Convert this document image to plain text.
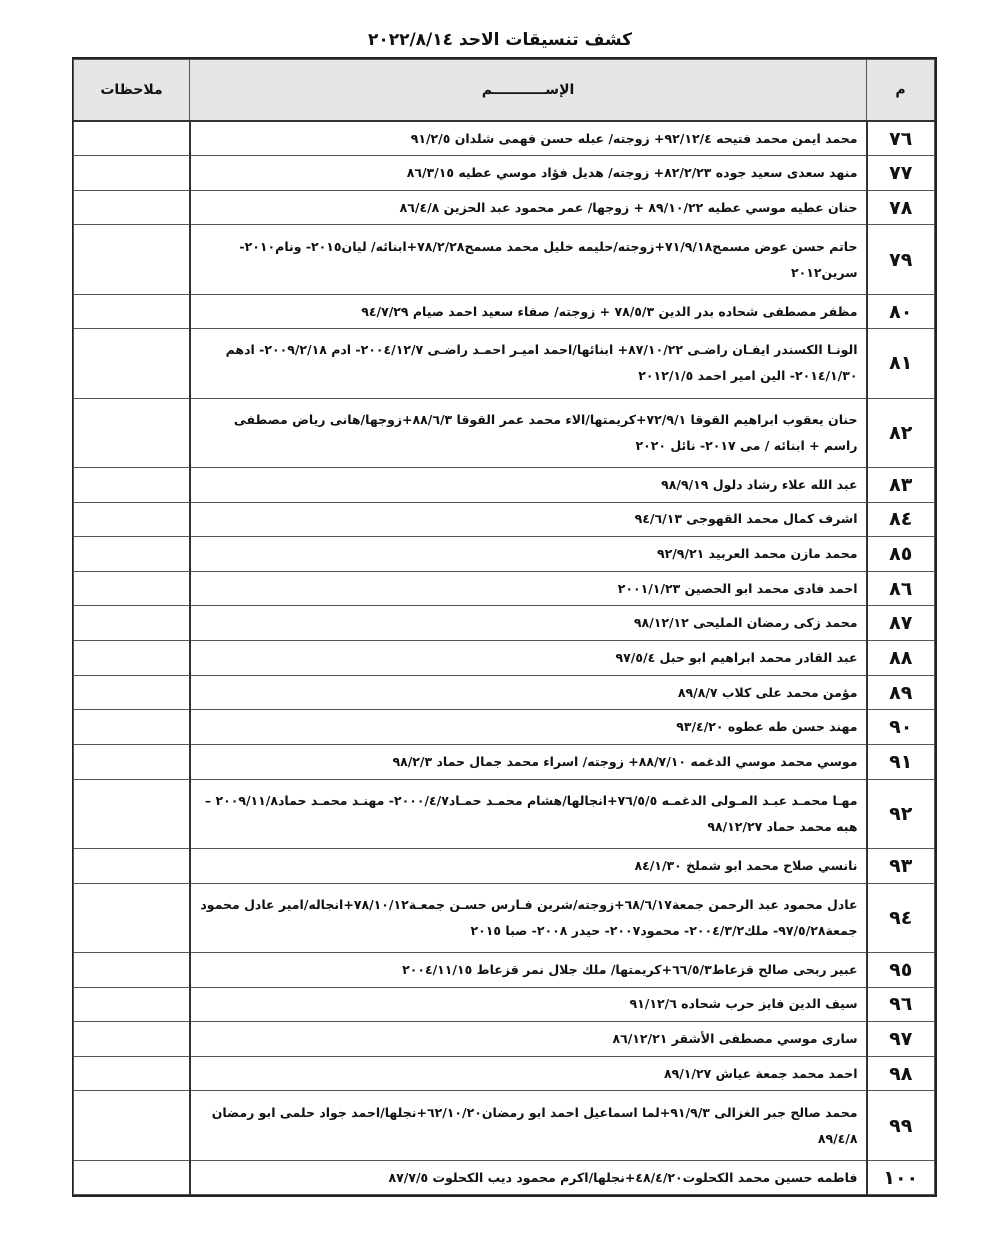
كشف تنسيقات الاحد ٢٠٢٢/٨/١٤
م	الإســـــــــــم	ملاحظات
٧٦	محمد ايمن محمد فتيحه ٩٢/١٢/٤+ زوجته/ عبله حسن فهمى شلدان ٩١/٢/٥	
٧٧	منهد سعدى سعيد جوده ٨٢/٢/٢٣+ زوجته/ هديل فؤاد موسي عطيه ٨٦/٣/١٥	
٧٨	حنان عطيه موسي عطيه ٨٩/١٠/٢٢ + زوجها/ عمر محمود عبد الحزين ٨٦/٤/٨	
٧٩	حاتم حسن عوض مسمح٧١/٩/١٨+زوجته/حليمه خليل محمد مسمح٧٨/٢/٢٨+ابنائه/ ليان٢٠١٥- ونام٢٠١٠- سرين٢٠١٢	
٨٠	مظفر مصطفى شحاده بدر الدين ٧٨/٥/٣ + زوجته/ صفاء سعيد احمد صيام ٩٤/٧/٢٩	
٨١	الونـا الكسندر ايفـان راضـى ٨٧/١٠/٢٢+ ابنائها/احمد اميـر احمـد راضـى ٢٠٠٤/١٢/٧- ادم ٢٠٠٩/٢/١٨- ادهم ٢٠١٤/١/٣٠- الين امير احمد ٢٠١٢/١/٥	
٨٢	حنان يعقوب ابراهيم القوقا ٧٢/٩/١+كريمتها/الاء محمد عمر القوقا ٨٨/٦/٣+زوجها/هانى رياض مصطفى راسم + ابنائه / مى ٢٠١٧- نائل ٢٠٢٠	
٨٣	عبد الله علاء رشاد دلول ٩٨/٩/١٩	
٨٤	اشرف كمال محمد القهوجى ٩٤/٦/١٣	
٨٥	محمد مازن محمد العربيد ٩٢/٩/٢١	
٨٦	احمد فادى محمد ابو الحصين ٢٠٠١/١/٢٣	
٨٧	محمد زكى رمضان المليحى ٩٨/١٢/١٢	
٨٨	عبد القادر محمد ابراهيم ابو حبل ٩٧/٥/٤	
٨٩	مؤمن محمد على كلاب ٨٩/٨/٧	
٩٠	مهند حسن طه عطوه ٩٣/٤/٢٠	
٩١	موسي محمد موسي الدغمه ٨٨/٧/١٠+ زوجته/ اسراء محمد جمال حماد ٩٨/٢/٣	
٩٢	مهـا محمـد عبـد المـولى الدغمـه ٧٦/٥/٥+انجالها/هشام محمـد حمـاد٢٠٠٠/٤/٧- مهنـد محمـد حماد٢٠٠٩/١١/٨ – هبه محمد حماد ٩٨/١٢/٢٧	
٩٣	نانسي صلاح محمد ابو شملخ ٨٤/١/٣٠	
٩٤	عادل محمود عبد الرحمن جمعة٦٨/٦/١٧+زوجته/شرين فـارس حسـن جمعـة٧٨/١٠/١٢+انجاله/امير عادل محمود جمعة٩٧/٥/٢٨- ملك٢٠٠٤/٣/٢- محمود٢٠٠٧- حيدر ٢٠٠٨- صبا ٢٠١٥	
٩٥	عبير ربحى صالح قزعاط٦٦/٥/٣+كريمتها/ ملك جلال نمر قزعاط ٢٠٠٤/١١/١٥	
٩٦	سيف الدين فايز حرب شحاده ٩١/١٢/٦	
٩٧	سارى موسي مصطفى الأشقر ٨٦/١٢/٢١	
٩٨	احمد محمد جمعة عياش ٨٩/١/٢٧	
٩٩	محمد صالح جبر الغزالى ٩١/٩/٣+لما اسماعيل احمد ابو رمضان٦٢/١٠/٢٠+نجلها/احمد جواد حلمى ابو رمضان ٨٩/٤/٨	
١٠٠	فاطمه حسين محمد الكحلوت٤٨/٤/٢٠+نجلها/اكرم محمود ديب الكحلوت ٨٧/٧/٥	
